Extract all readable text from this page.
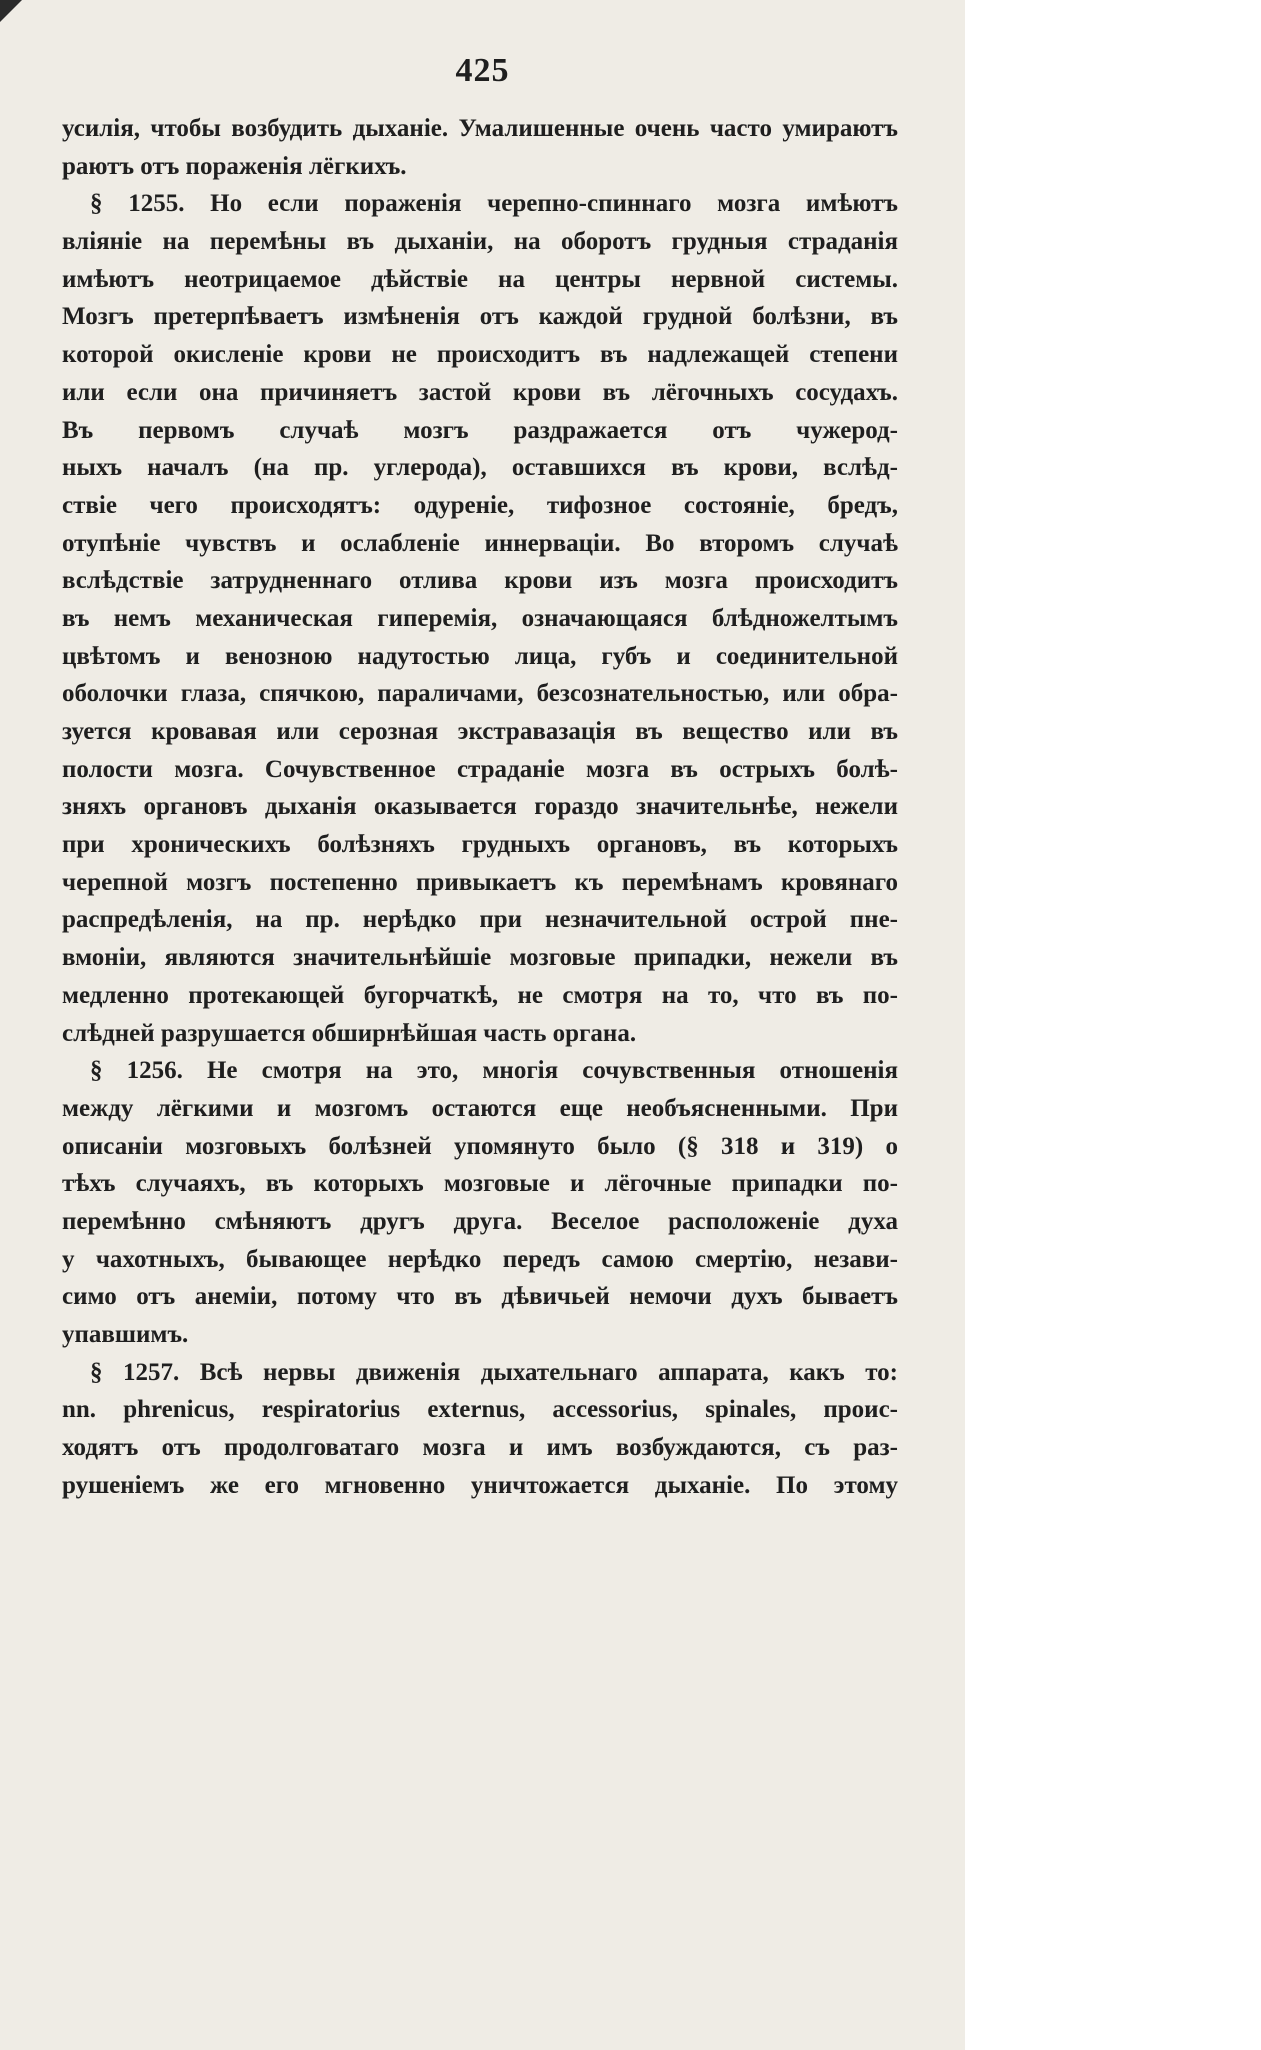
425
усилія, чтобы возбудить дыханіе. Умалишенные очень часто умираютъ
раютъ отъ пораженія лёгкихъ.
§ 1255. Но если пораженія черепно-спиннаго мозга имѣютъ
вліяніе на перемѣны въ дыханіи, на обоpотъ грудныя страданія
имѣютъ неотрицаемое дѣйствіе на центры нервной системы.
Мозгъ претерпѣваетъ измѣненія отъ каждой грудной болѣзни, въ
которой окисленіе крови не происходитъ въ надлежащей степени
или если она причиняетъ застой крови въ лёгочныхъ сосудахъ.
Въ первомъ случаѣ мозгъ раздражается отъ чужерод-
ныхъ началъ (на пр. углерода), оставшихся въ крови, вслѣд-
ствіе чего происходятъ: одуреніе, тифозное состояніе, бредъ,
отупѣніе чувствъ и ослабленіе иннерваціи. Во второмъ случаѣ
вслѣдствіе затрудненнаго отлива крови изъ мозга происходитъ
въ немъ механическая гиперемія, означающаяся блѣдножелтымъ
цвѣтомъ и венозною надутостью лица, губъ и соединительной
оболочки глаза, спячкою, параличами, безсознательностью, или обра-
зуется кровавая или серозная экстравазація въ вещество или въ
полости мозга. Сочувственное страданіе мозга въ острыхъ болѣ-
зняхъ органовъ дыханія оказывается гораздо значительнѣе, нежели
при хроническихъ болѣзняхъ грудныхъ органовъ, въ которыхъ
черепной мозгъ постепенно привыкаетъ къ перемѣнамъ кровянаго
распредѣленія, на пр. нерѣдко при незначительной острой пне-
вмоніи, являются значительнѣйшіе мозговые припадки, нежели въ
медленно протекающей бугорчаткѣ, не смотря на то, что въ по-
слѣдней разрушается обширнѣйшая часть органа.
§ 1256. Не смотря на это, многія сочувственныя отношенія
между лёгкими и мозгомъ остаются еще необъясненными. При
описаніи мозговыхъ болѣзней упомянуто было (§ 318 и 319) о
тѣхъ случаяхъ, въ которыхъ мозговые и лёгочные припадки по-
перемѣнно смѣняютъ другъ друга. Веселое расположеніе духа
у чахотныхъ, бывающее нерѣдко передъ самою смертію, незави-
симо отъ анеміи, потому что въ дѣвичьей немочи духъ бываетъ
упавшимъ.
§ 1257. Всѣ нервы движенія дыхательнаго аппарата, какъ то:
nn. phrenicus, respiratorius externus, accessorius, spinales, проис-
ходятъ отъ продолговатаго мозга и имъ возбуждаются, съ раз-
рушеніемъ же его мгновенно уничтожается дыханіе. По этому
